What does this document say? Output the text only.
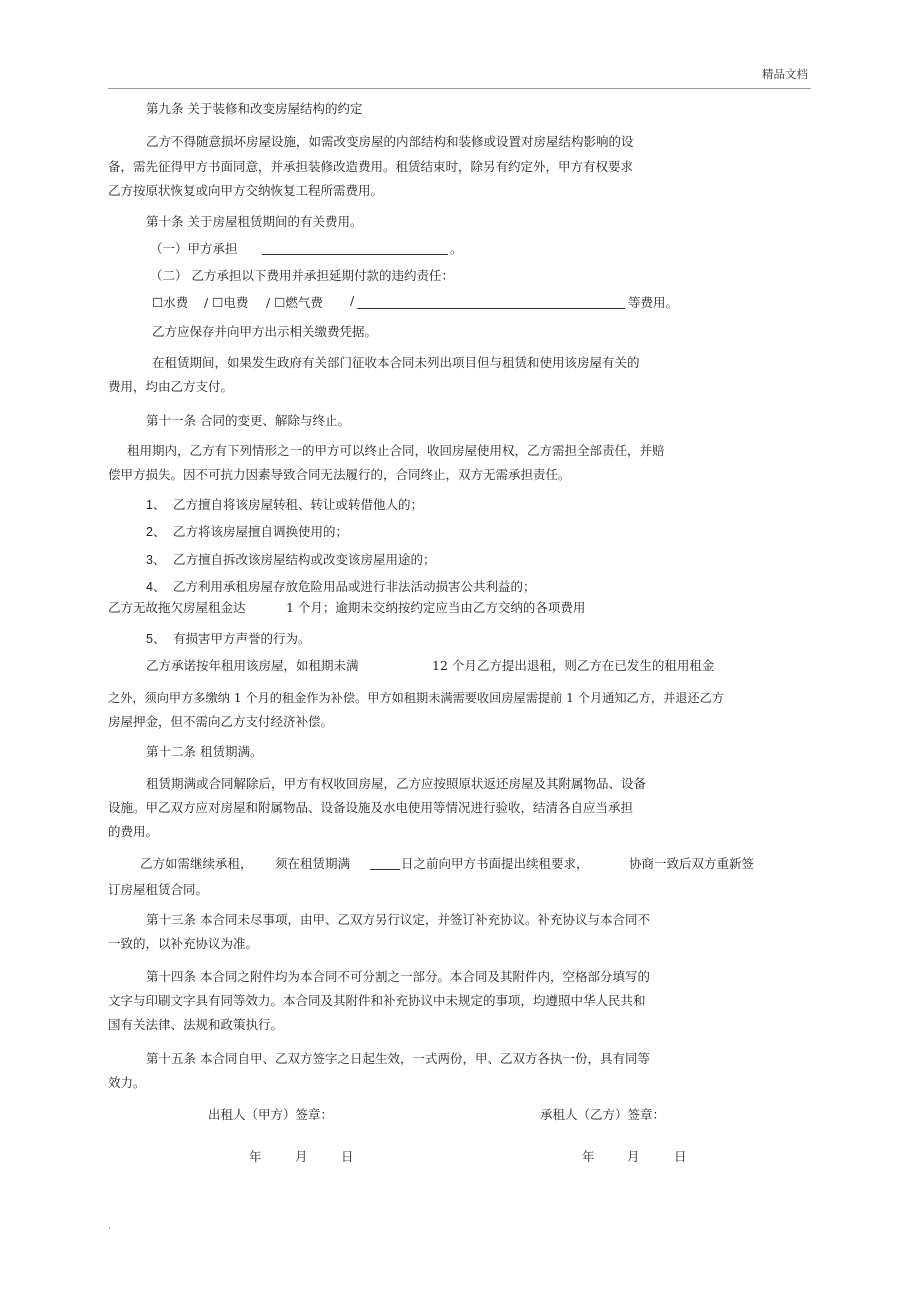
精品文档
第九条 关于装修和改变房屋结构的约定
乙方不得随意损坏房屋设施，如需改变房屋的内部结构和装修或设置对房屋结构影响的设
备，需先征得甲方书面同意，并承担装修改造费用。租赁结束时，除另有约定外，甲方有权要求
乙方按原状恢复或向甲方交纳恢复工程所需费用。
第十条 关于房屋租赁期间的有关费用。
（一）甲方承担	。
（二） 乙方承担以下费用并承担延期付款的违约责任：
☐水费 / ☐电费 / ☐燃气费 /	等费用。
乙方应保存并向甲方出示相关缴费凭据。
在租赁期间，如果发生政府有关部门征收本合同未列出项目但与租赁和使用该房屋有关的
费用，均由乙方支付。
第十一条 合同的变更、解除与终止。
租用期内，乙方有下列情形之一的甲方可以终止合同，收回房屋使用权，乙方需担全部责任，并赔
偿甲方损失。因不可抗力因素导致合同无法履行的，合同终止，双方无需承担责任。
1、 乙方擅自将该房屋转租、转让或转借他人的；
2、 乙方将该房屋擅自调换使用的；
3、 乙方擅自拆改该房屋结构或改变该房屋用途的；
4、 乙方利用承租房屋存放危险用品或进行非法活动损害公共利益的；
乙方无故拖欠房屋租金达	1 个月；逾期未交纳按约定应当由乙方交纳的各项费用
5、 有损害甲方声誉的行为。
乙方承诺按年租用该房屋，如租期未满	12 个月乙方提出退租，则乙方在已发生的租用租金
之外，须向甲方多缴纳 1 个月的租金作为补偿。甲方如租期未满需要收回房屋需提前 1 个月通知乙方，并退还乙方
房屋押金，但不需向乙方支付经济补偿。
第十二条 租赁期满。
租赁期满或合同解除后，甲方有权收回房屋，乙方应按照原状返还房屋及其附属物品、设备
设施。甲乙双方应对房屋和附属物品、设备设施及水电使用等情况进行验收，结清各自应当承担
的费用。
乙方如需继续承租， 须在租赁期满	日之前向甲方书面提出续租要求，	协商一致后双方重新签
订房屋租赁合同。
第十三条 本合同未尽事项，由甲、乙双方另行议定，并签订补充协议。补充协议与本合同不
一致的，以补充协议为准。
第十四条 本合同之附件均为本合同不可分割之一部分。本合同及其附件内，空格部分填写的
文字与印刷文字具有同等效力。本合同及其附件和补充协议中未规定的事项，均遵照中华人民共和
国有关法律、法规和政策执行。
第十五条 本合同自甲、乙双方签字之日起生效，一式两份，甲、乙双方各执一份，具有同等
效力。
出租人（甲方）签章：	承租人（乙方）签章：
年	月	日	年	月	日
.
